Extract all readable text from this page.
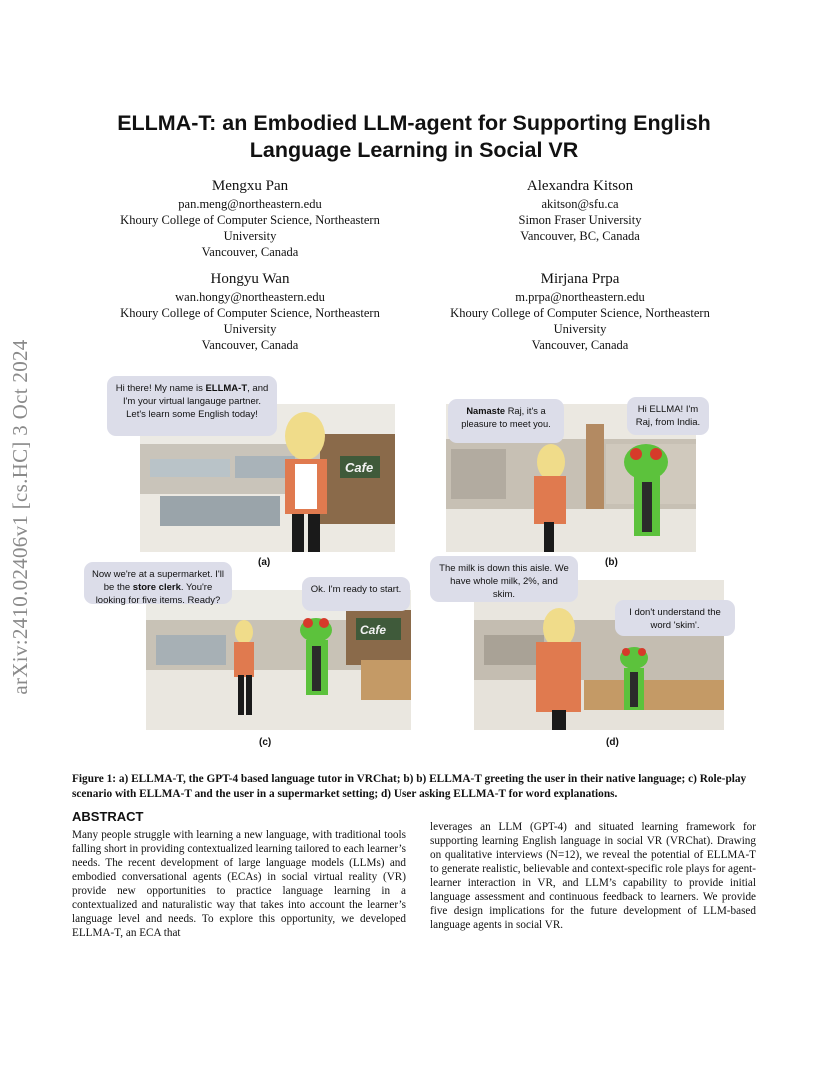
arXiv:2410.02406v1 [cs.HC] 3 Oct 2024
ELLMA-T: an Embodied LLM-agent for Supporting English
Language Learning in Social VR
Mengxu Pan
pan.meng@northeastern.edu
Khoury College of Computer Science, Northeastern
University
Vancouver, Canada
Alexandra Kitson
akitson@sfu.ca
Simon Fraser University
Vancouver, BC, Canada
Hongyu Wan
wan.hongy@northeastern.edu
Khoury College of Computer Science, Northeastern
University
Vancouver, Canada
Mirjana Prpa
m.prpa@northeastern.edu
Khoury College of Computer Science, Northeastern
University
Vancouver, Canada
Cafe
Hi there! My name is ELLMA-T, and I'm your virtual langauge partner. Let's learn some English today!
(a)
Namaste Raj, it's a pleasure to meet you.
Hi ELLMA! I'm Raj, from India.
(b)
Cafe
Now we're at a supermarket. I'll be the store clerk. You're looking for five items. Ready?
Ok. I'm ready to start.
(c)
The milk is down this aisle. We have whole milk, 2%, and skim.
I don't understand the word 'skim'.
(d)
Figure 1: a) ELLMA-T, the GPT-4 based language tutor in VRChat; b) b) ELLMA-T greeting the user in their native language; c) Role-play scenario with ELLMA-T and the user in a supermarket setting; d) User asking ELLMA-T for word explanations.
ABSTRACT
Many people struggle with learning a new language, with traditional tools falling short in providing contextualized learning tailored to each learner’s needs. The recent development of large language models (LLMs) and embodied conversational agents (ECAs) in social virtual reality (VR) provide new opportunities to practice language learning in a contextualized and naturalistic way that takes into account the learner’s language level and needs. To explore this opportunity, we developed ELLMA-T, an ECA that
leverages an LLM (GPT-4) and situated learning framework for supporting learning English language in social VR (VRChat). Drawing on qualitative interviews (N=12), we reveal the potential of ELLMA-T to generate realistic, believable and context-specific role plays for agent-learner interaction in VR, and LLM’s capability to provide initial language assessment and continuous feedback to learners. We provide five design implications for the future development of LLM-based language agents in social VR.
